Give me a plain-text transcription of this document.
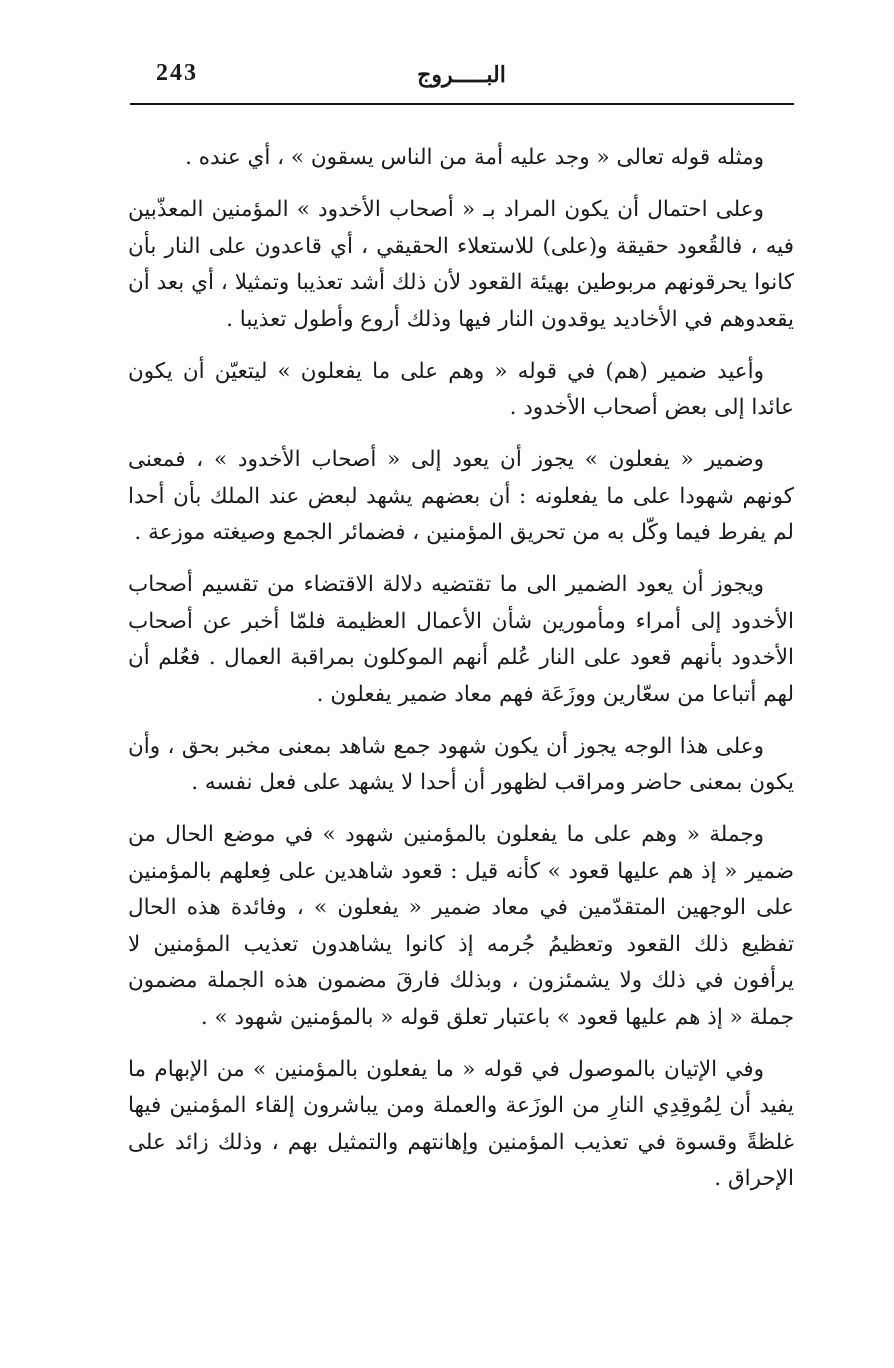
243	البـــــروج

ومثله قوله تعالى « وجد عليه أمة من الناس يسقون » ، أي عنده .

وعلى احتمال أن يكون المراد بـ « أصحاب الأخدود » المؤمنين المعذّبين فيه ، فالقُعود حقيقة و(على) للاستعلاء الحقيقي ، أي قاعدون على النار بأن كانوا يحرقونهم مربوطين بهيئة القعود لأن ذلك أشد تعذيبا وتمثيلا ، أي بعد أن يقعدوهم في الأخاديد يوقدون النار فيها وذلك أروع وأطول تعذيبا .

وأعيد ضمير (هم) في قوله « وهم على ما يفعلون » ليتعيّن أن يكون عائدا إلى بعض أصحاب الأخدود .

وضمير « يفعلون » يجوز أن يعود إلى « أصحاب الأخدود » ، فمعنى كونهم شهودا على ما يفعلونه : أن بعضهم يشهد لبعض عند الملك بأن أحدا لم يفرط فيما وكّل به من تحريق المؤمنين ، فضمائر الجمع وصيغته موزعة .

ويجوز أن يعود الضمير الى ما تقتضيه دلالة الاقتضاء من تقسيم أصحاب الأخدود إلى أمراء ومأمورين شأن الأعمال العظيمة فلمّا أخبر عن أصحاب الأخدود بأنهم قعود على النار عُلم أنهم الموكلون بمراقبة العمال . فعُلم أن لهم أتباعا من سعّارين ووزَعَة فهم معاد ضمير يفعلون .

وعلى هذا الوجه يجوز أن يكون شهود جمع شاهد بمعنى مخبر بحق ، وأن يكون بمعنى حاضر ومراقب لظهور أن أحدا لا يشهد على فعل نفسه .

وجملة « وهم على ما يفعلون بالمؤمنين شهود » في موضع الحال من ضمير « إذ هم عليها قعود » كأنه قيل : قعود شاهدين على فِعلهم بالمؤمنين على الوجهين المتقدّمين في معاد ضمير « يفعلون » ، وفائدة هذه الحال تفظيع ذلك القعود وتعظيمُ جُرمه إذ كانوا يشاهدون تعذيب المؤمنين لا يرأفون في ذلك ولا يشمئزون ، وبذلك فارقَ مضمون هذه الجملة مضمون جملة « إذ هم عليها قعود » باعتبار تعلق قوله « بالمؤمنين شهود » .

وفي الإتيان بالموصول في قوله « ما يفعلون بالمؤمنين » من الإبهام ما يفيد أن لِمُوقِدِي النارِ من الوزَعة والعملة ومن يباشرون إلقاء المؤمنين فيها غلظةً وقسوة في تعذيب المؤمنين وإهانتهم والتمثيل بهم ، وذلك زائد على الإحراق .
